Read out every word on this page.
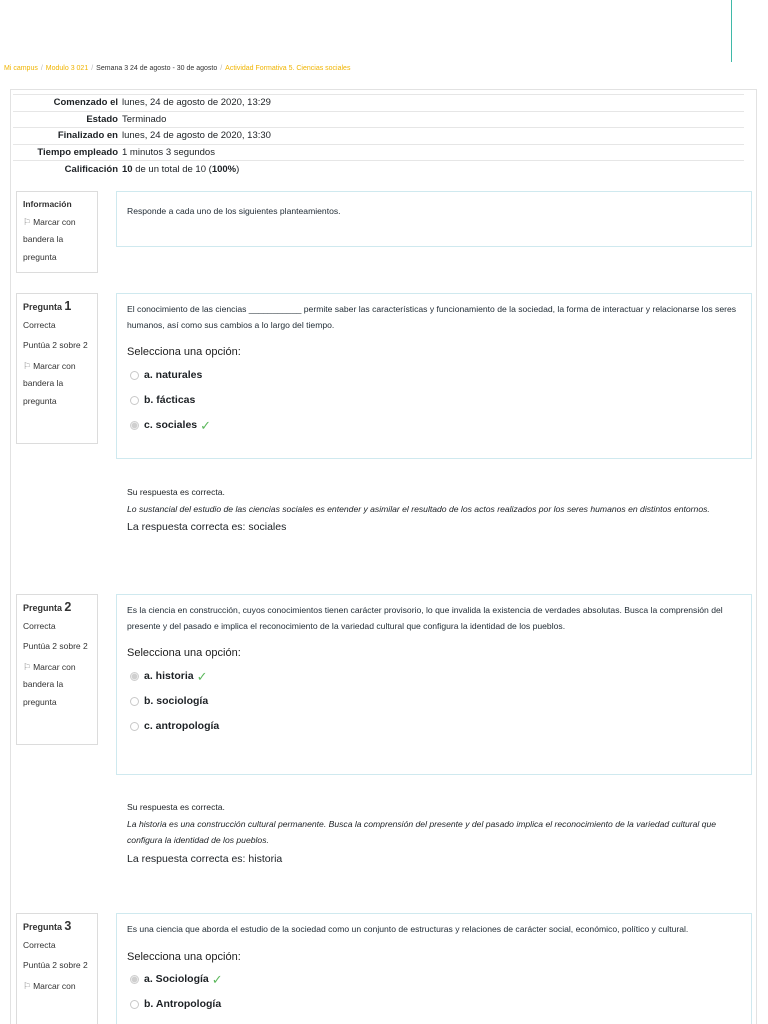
Mi campus / Modulo 3 021 / Semana 3 24 de agosto - 30 de agosto / Actividad Formativa 5. Ciencias sociales
Comenzado el	lunes, 24 de agosto de 2020, 13:29
Estado	Terminado
Finalizado en	lunes, 24 de agosto de 2020, 13:30
Tiempo empleado	1 minutos 3 segundos
Calificación	10 de un total de 10 (100%)
Información
⚐ Marcar con bandera la pregunta
Responde a cada uno de los siguientes planteamientos.
Pregunta 1
Correcta
Puntúa 2 sobre 2
⚐ Marcar con bandera la pregunta
El conocimiento de las ciencias ___________ permite saber las características y funcionamiento de la sociedad, la forma de interactuar y relacionarse los seres humanos, así como sus cambios a lo largo del tiempo.
Selecciona una opción:
a. naturales
b. fácticas
c. sociales ✓
Su respuesta es correcta.
Lo sustancial del estudio de las ciencias sociales es entender y asimilar el resultado de los actos realizados por los seres humanos en distintos entornos.
La respuesta correcta es: sociales
Pregunta 2
Correcta
Puntúa 2 sobre 2
⚐ Marcar con bandera la pregunta
Es la ciencia en construcción, cuyos conocimientos tienen carácter provisorio, lo que invalida la existencia de verdades absolutas. Busca la comprensión del presente y del pasado e implica el reconocimiento de la variedad cultural que configura la identidad de los pueblos.
Selecciona una opción:
a. historia ✓
b. sociología
c. antropología
Su respuesta es correcta.
La historia es una construcción cultural permanente. Busca la comprensión del presente y del pasado implica el reconocimiento de la variedad cultural que configura la identidad de los pueblos.
La respuesta correcta es: historia
Pregunta 3
Correcta
Puntúa 2 sobre 2
⚐ Marcar con
Es una ciencia que aborda el estudio de la sociedad como un conjunto de estructuras y relaciones de carácter social, económico, político y cultural.
Selecciona una opción:
a. Sociología ✓
b. Antropología
